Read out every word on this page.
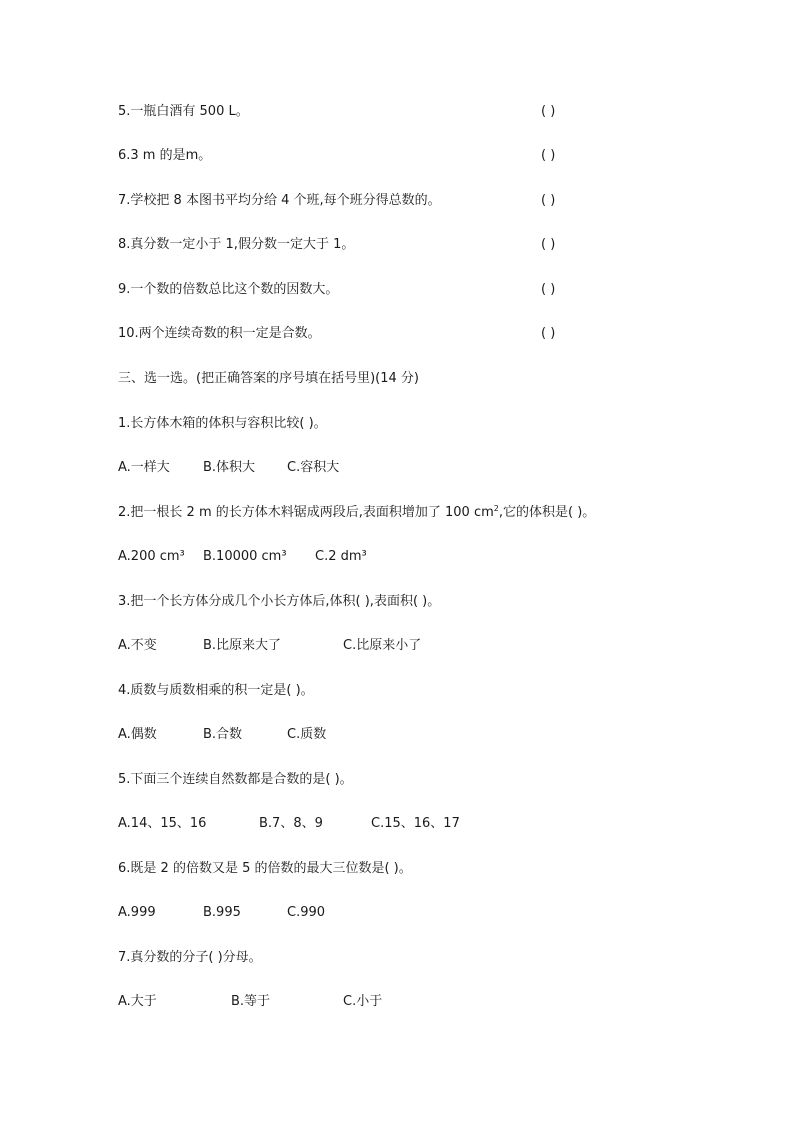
5.一瓶白酒有 500 L。	( )
6.3 m 的是m。	( )
7.学校把 8 本图书平均分给 4 个班,每个班分得总数的。	( )
8.真分数一定小于 1,假分数一定大于 1。	( )
9.一个数的倍数总比这个数的因数大。	( )
10.两个连续奇数的积一定是合数。	( )
三、选一选。(把正确答案的序号填在括号里)(14 分)
1.长方体木箱的体积与容积比较( )。
A.一样大	B.体积大 C.容积大
2.把一根长 2 m 的长方体木料锯成两段后,表面积增加了 100 $cm^2$,它的体积是( )。
A.200 cm³ B.10000 cm³ C.2 dm³
3.把一个长方体分成几个小长方体后,体积( ),表面积( )。
A.不变	B.比原来大了	C.比原来小了
4.质数与质数相乘的积一定是( )。
A.偶数	B.合数	C.质数
5.下面三个连续自然数都是合数的是( )。
A.14、15、16	B.7、8、9	C.15、16、17
6.既是 2 的倍数又是 5 的倍数的最大三位数是( )。
A.999	B.995	C.990
7.真分数的分子( )分母。
A.大于	B.等于	C.小于
